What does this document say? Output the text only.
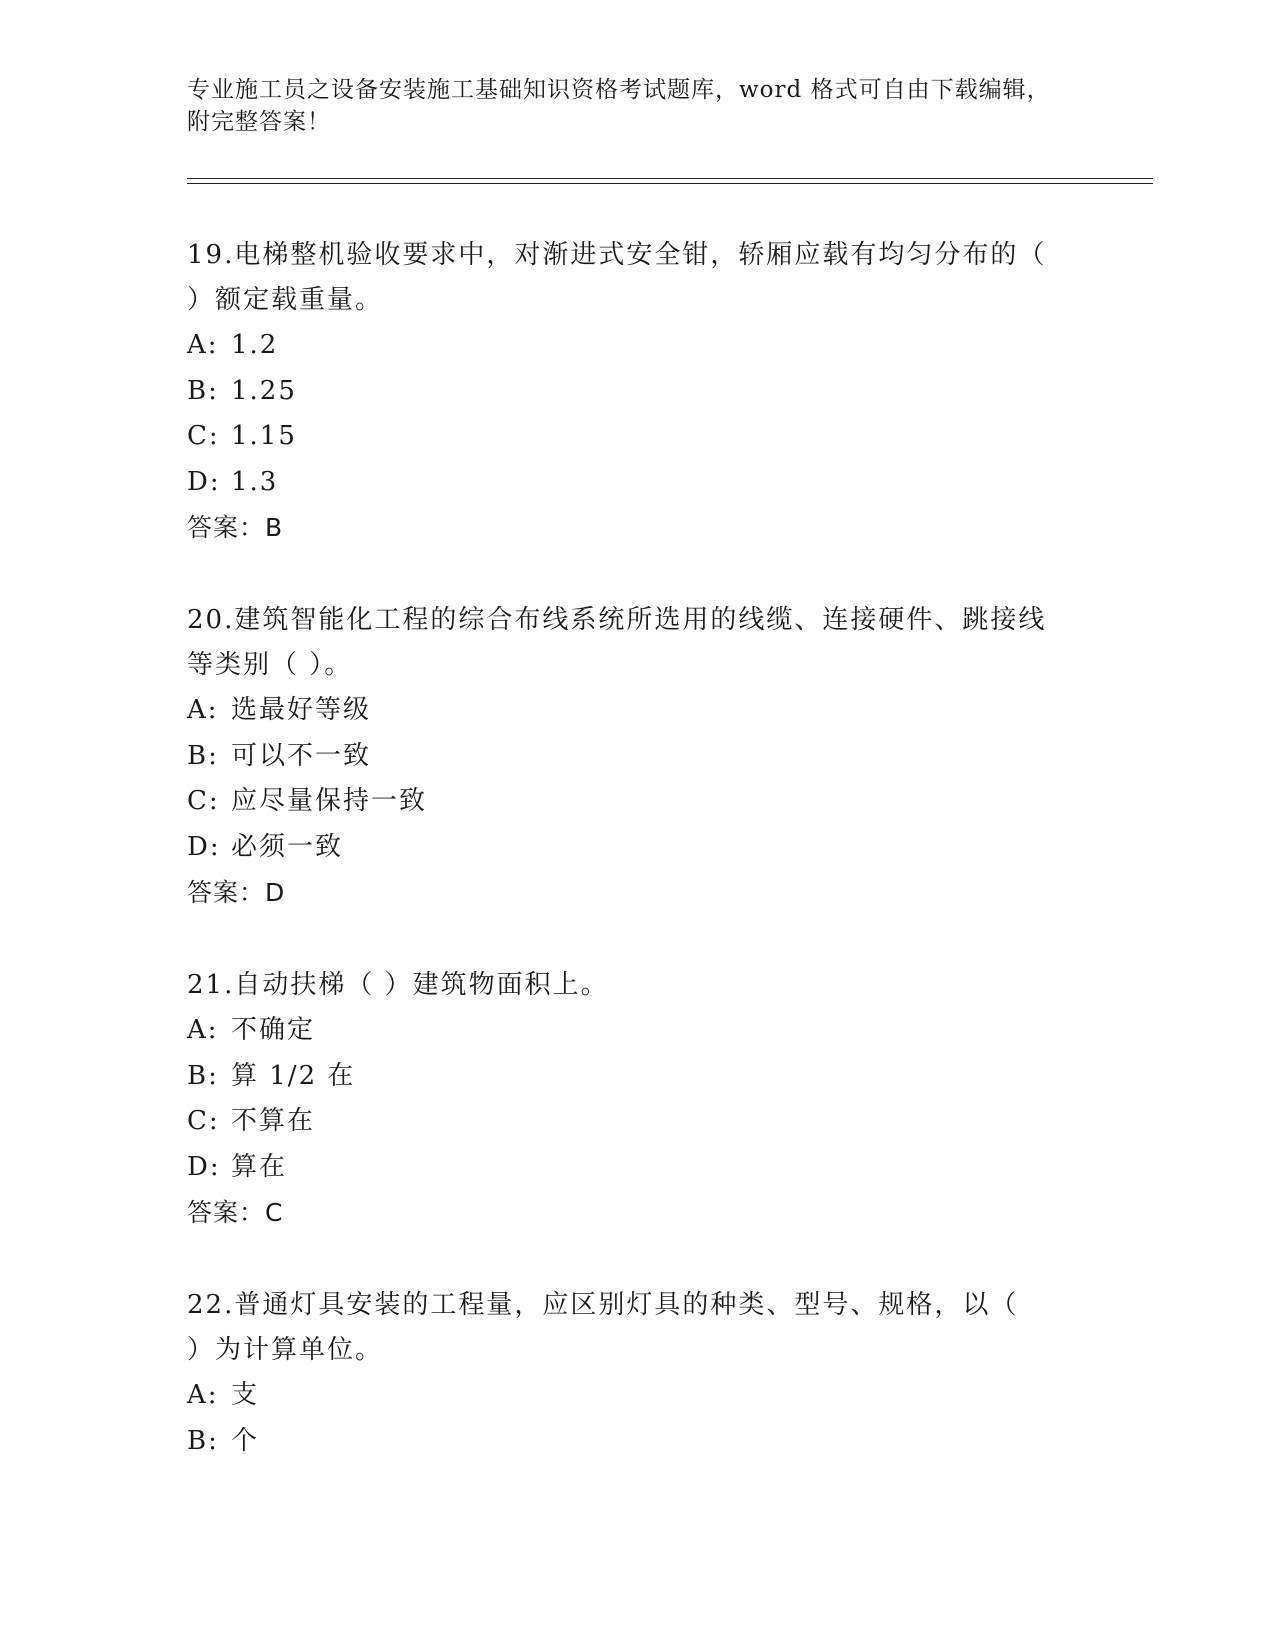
专业施工员之设备安装施工基础知识资格考试题库，word 格式可自由下载编辑，
附完整答案！

19.电梯整机验收要求中，对渐进式安全钳，轿厢应载有均匀分布的（

）额定载重量。

A: 1.2

B: 1.25

C: 1.15

D: 1.3

答案：B

20.建筑智能化工程的综合布线系统所选用的线缆、连接硬件、跳接线

等类别（ ）。

A: 选最好等级

B: 可以不一致

C: 应尽量保持一致

D: 必须一致

答案：D

21.自动扶梯（ ）建筑物面积上。

A: 不确定

B: 算 1/2 在

C: 不算在

D: 算在

答案：C

22.普通灯具安装的工程量，应区别灯具的种类、型号、规格，以（

）为计算单位。

A: 支

B: 个
